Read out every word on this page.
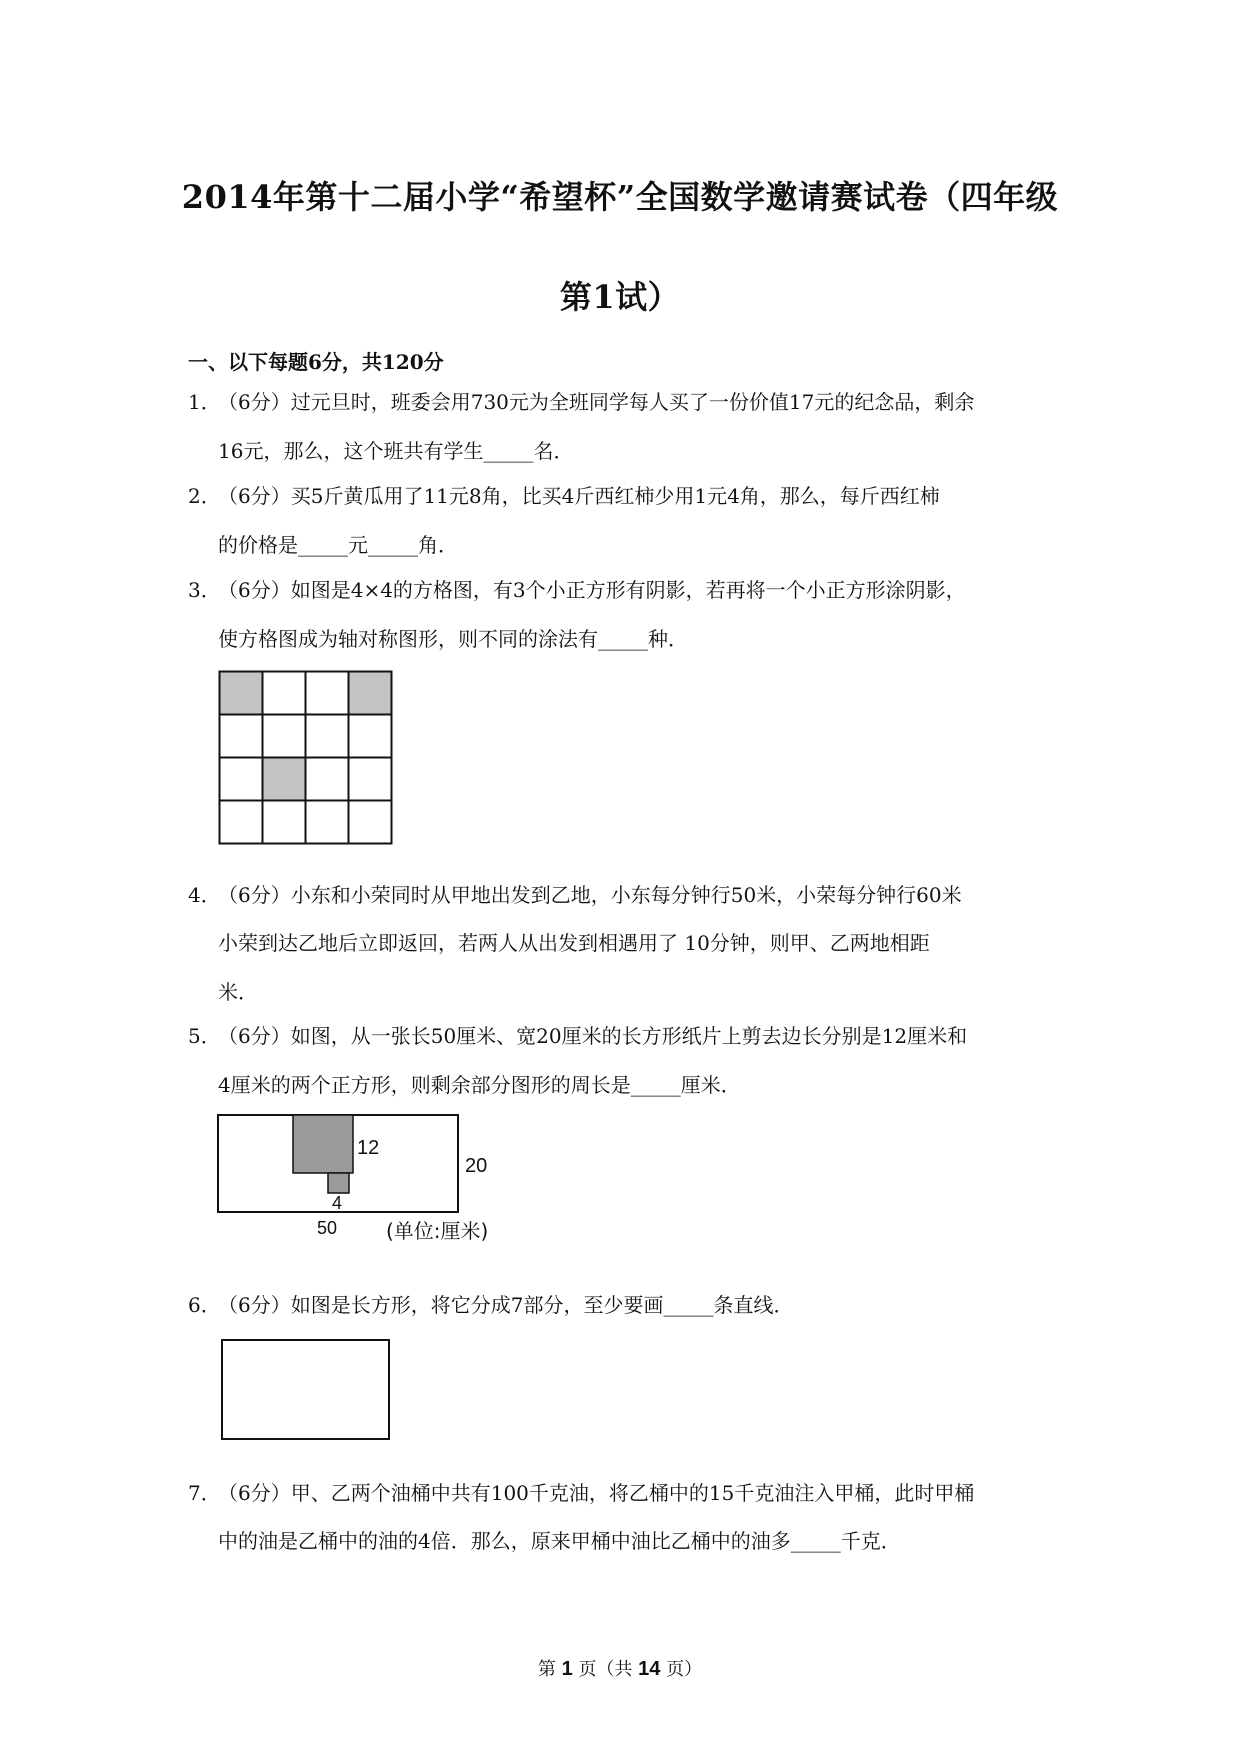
2014年第十二届小学“希望杯”全国数学邀请赛试卷（四年级
第1试）
一、以下每题6分，共120分
1．（6分）过元旦时，班委会用730元为全班同学每人买了一份价值17元的纪念品，剩余
16元，那么，这个班共有学生_____名．
2．（6分）买5斤黄瓜用了11元8角，比买4斤西红柿少用1元4角，那么，每斤西红柿
的价格是_____元_____角．
3．（6分）如图是4×4的方格图，有3个小正方形有阴影，若再将一个小正方形涂阴影，
使方格图成为轴对称图形，则不同的涂法有_____种．
4．（6分）小东和小荣同时从甲地出发到乙地，小东每分钟行50米，小荣每分钟行60米
小荣到达乙地后立即返回，若两人从出发到相遇用了 10分钟，则甲、乙两地相距
米．
5．（6分）如图，从一张长50厘米、宽20厘米的长方形纸片上剪去边长分别是12厘米和
4厘米的两个正方形，则剩余部分图形的周长是_____厘米．
12
20
4
50 (单位:厘米)
6．（6分）如图是长方形，将它分成7部分，至少要画_____条直线．
7．（6分）甲、乙两个油桶中共有100千克油，将乙桶中的15千克油注入甲桶，此时甲桶
中的油是乙桶中的油的4倍．那么，原来甲桶中油比乙桶中的油多_____千克．
第 1 页（共 14 页）
